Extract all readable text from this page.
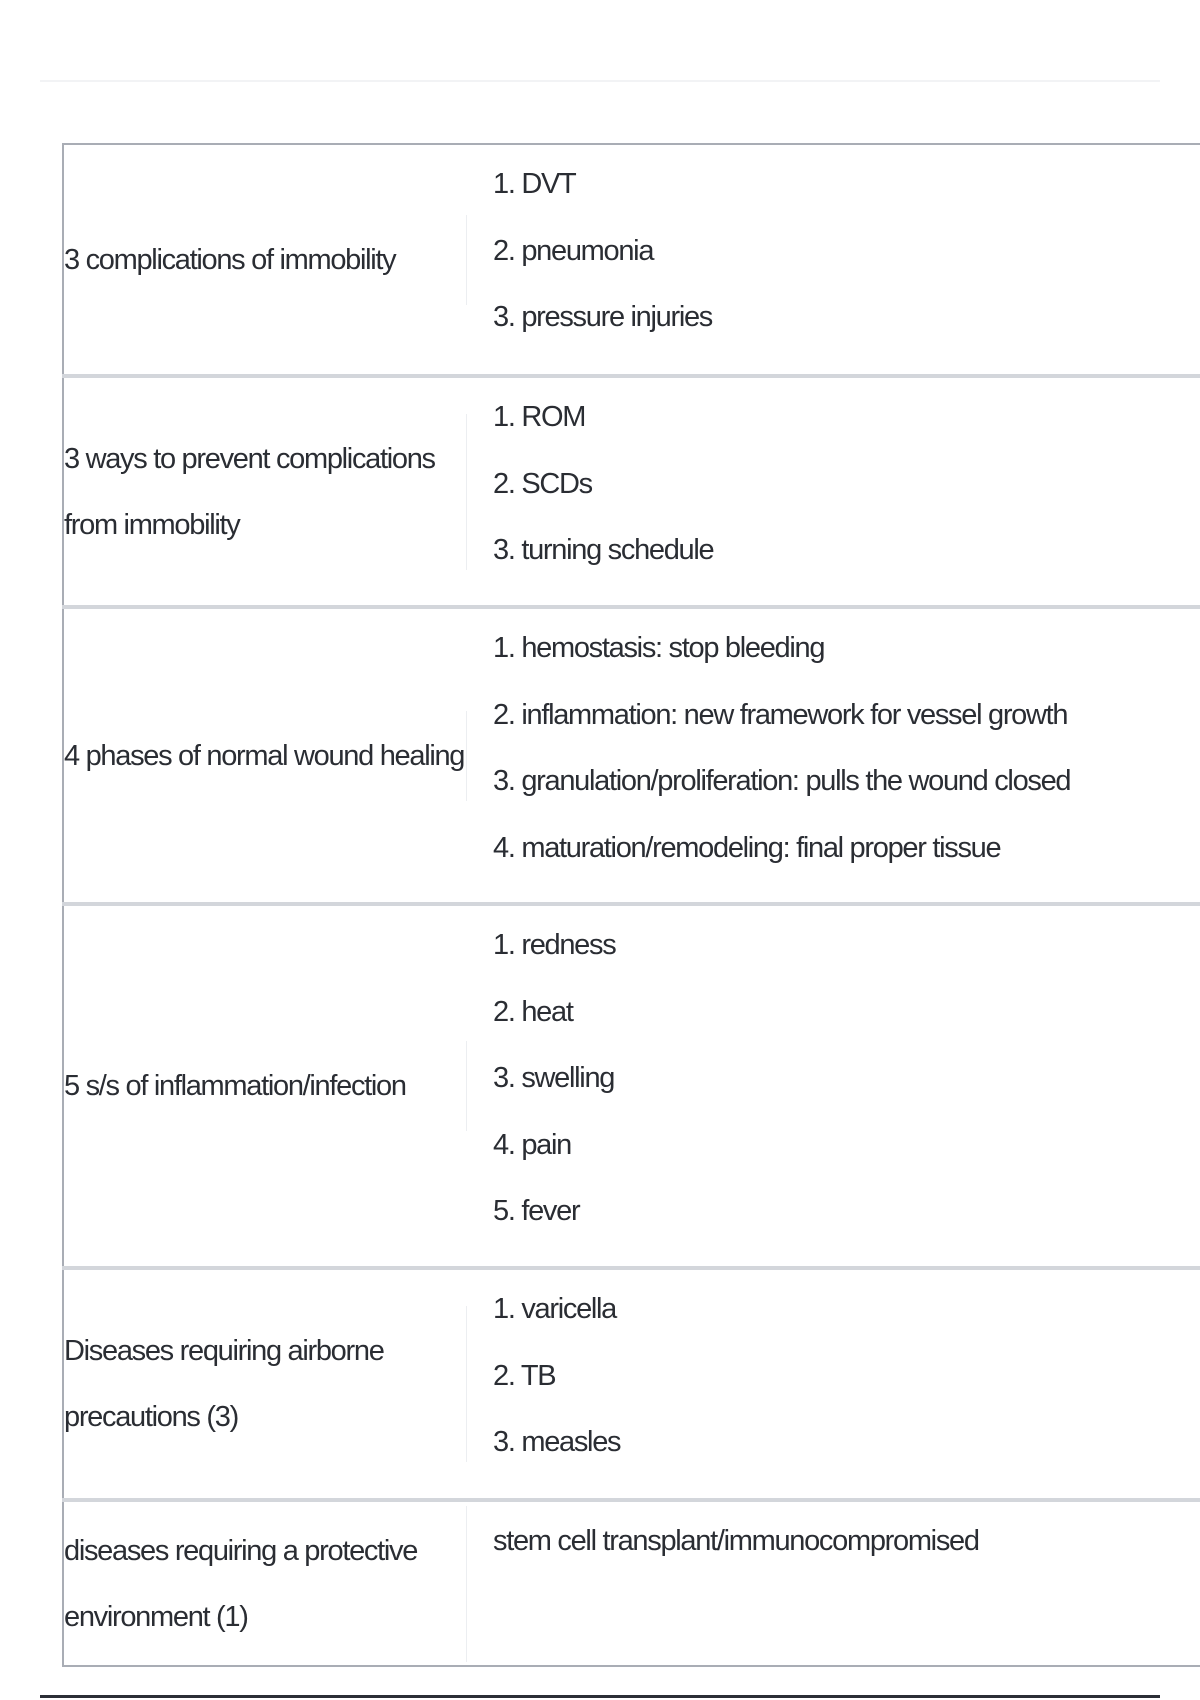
3 complications of immobility	1. DVT
2. pneumonia
3. pressure injuries

3 ways to prevent complications from immobility	1. ROM
2. SCDs
3. turning schedule

4 phases of normal wound healing	1. hemostasis: stop bleeding
2. inflammation: new framework for vessel growth
3. granulation/proliferation: pulls the wound closed
4. maturation/remodeling: final proper tissue

5 s/s of inflammation/infection	1. redness
2. heat
3. swelling
4. pain
5. fever

Diseases requiring airborne precautions (3)	1. varicella
2. TB
3. measles

diseases requiring a protective environment (1)	stem cell transplant/immunocompromised
